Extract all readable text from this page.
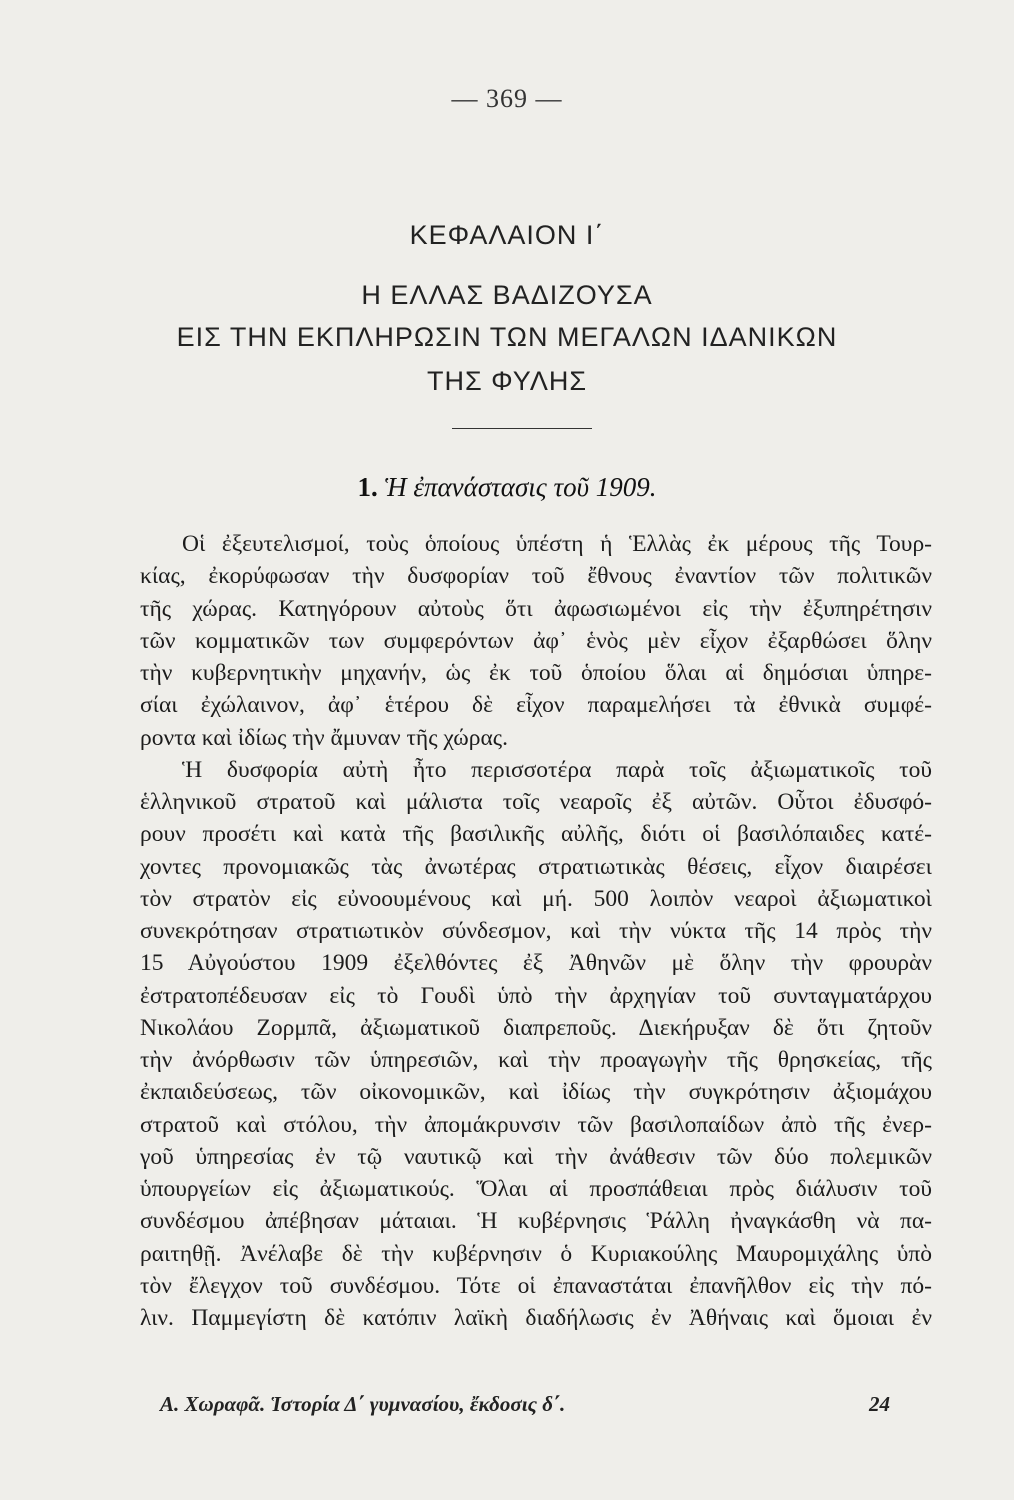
— 369 —
ΚΕΦΑΛΑΙΟΝ Ι΄
Η ΕΛΛΑΣ ΒΑΔΙΖΟΥΣΑ
ΕΙΣ ΤΗΝ ΕΚΠΛΗΡΩΣΙΝ ΤΩΝ ΜΕΓΑΛΩΝ ΙΔΑΝΙΚΩΝ
ΤΗΣ ΦΥΛΗΣ
1. Ἡ ἐπανάστασις τοῦ 1909.
Οἱ ἐξευτελισμοί, τοὺς ὁποίους ὑπέστη ἡ Ἑλλὰς ἐκ μέρους τῆς Τουρ-
κίας, ἐκορύφωσαν τὴν δυσφορίαν τοῦ ἔθνους ἐναντίον τῶν πολιτικῶν
τῆς χώρας. Κατηγόρουν αὐτοὺς ὅτι ἀφωσιωμένοι εἰς τὴν ἐξυπηρέτησιν
τῶν κομματικῶν των συμφερόντων ἀφ᾽ ἑνὸς μὲν εἶχον ἐξαρθώσει ὅλην
τὴν κυβερνητικὴν μηχανήν, ὡς ἐκ τοῦ ὁποίου ὅλαι αἱ δημόσιαι ὑπηρε-
σίαι ἐχώλαινον, ἀφ᾽ ἑτέρου δὲ εἶχον παραμελήσει τὰ ἐθνικὰ συμφέ-
ροντα καὶ ἰδίως τὴν ἄμυναν τῆς χώρας.
Ἡ δυσφορία αὐτὴ ἦτο περισσοτέρα παρὰ τοῖς ἀξιωματικοῖς τοῦ
ἑλληνικοῦ στρατοῦ καὶ μάλιστα τοῖς νεαροῖς ἐξ αὐτῶν. Οὗτοι ἐδυσφό-
ρουν προσέτι καὶ κατὰ τῆς βασιλικῆς αὐλῆς, διότι οἱ βασιλόπαιδες κατέ-
χοντες προνομιακῶς τὰς ἀνωτέρας στρατιωτικὰς θέσεις, εἶχον διαιρέσει
τὸν στρατὸν εἰς εὐνοουμένους καὶ μή. 500 λοιπὸν νεαροὶ ἀξιωματικοὶ
συνεκρότησαν στρατιωτικὸν σύνδεσμον, καὶ τὴν νύκτα τῆς 14 πρὸς τὴν
15 Αὐγούστου 1909 ἐξελθόντες ἐξ Ἀθηνῶν μὲ ὅλην τὴν φρουρὰν
ἐστρατοπέδευσαν εἰς τὸ Γουδὶ ὑπὸ τὴν ἀρχηγίαν τοῦ συνταγματάρχου
Νικολάου Ζορμπᾶ, ἀξιωματικοῦ διαπρεποῦς. Διεκήρυξαν δὲ ὅτι ζητοῦν
τὴν ἀνόρθωσιν τῶν ὑπηρεσιῶν, καὶ τὴν προαγωγὴν τῆς θρησκείας, τῆς
ἐκπαιδεύσεως, τῶν οἰκονομικῶν, καὶ ἰδίως τὴν συγκρότησιν ἀξιομάχου
στρατοῦ καὶ στόλου, τὴν ἀπομάκρυνσιν τῶν βασιλοπαίδων ἀπὸ τῆς ἐνερ-
γοῦ ὑπηρεσίας ἐν τῷ ναυτικῷ καὶ τὴν ἀνάθεσιν τῶν δύο πολεμικῶν
ὑπουργείων εἰς ἀξιωματικούς. Ὅλαι αἱ προσπάθειαι πρὸς διάλυσιν τοῦ
συνδέσμου ἀπέβησαν μάταιαι. Ἡ κυβέρνησις Ῥάλλη ἠναγκάσθη νὰ πα-
ραιτηθῇ. Ἀνέλαβε δὲ τὴν κυβέρνησιν ὁ Κυριακούλης Μαυρομιχάλης ὑπὸ
τὸν ἔλεγχον τοῦ συνδέσμου. Τότε οἱ ἐπαναστάται ἐπανῆλθον εἰς τὴν πό-
λιν. Παμμεγίστη δὲ κατόπιν λαϊκὴ διαδήλωσις ἐν Ἀθήναις καὶ ὅμοιαι ἐν
Α. Χωραφᾶ. Ἱστορία Δ΄ γυμνασίου, ἔκδοσις δ΄.	24
